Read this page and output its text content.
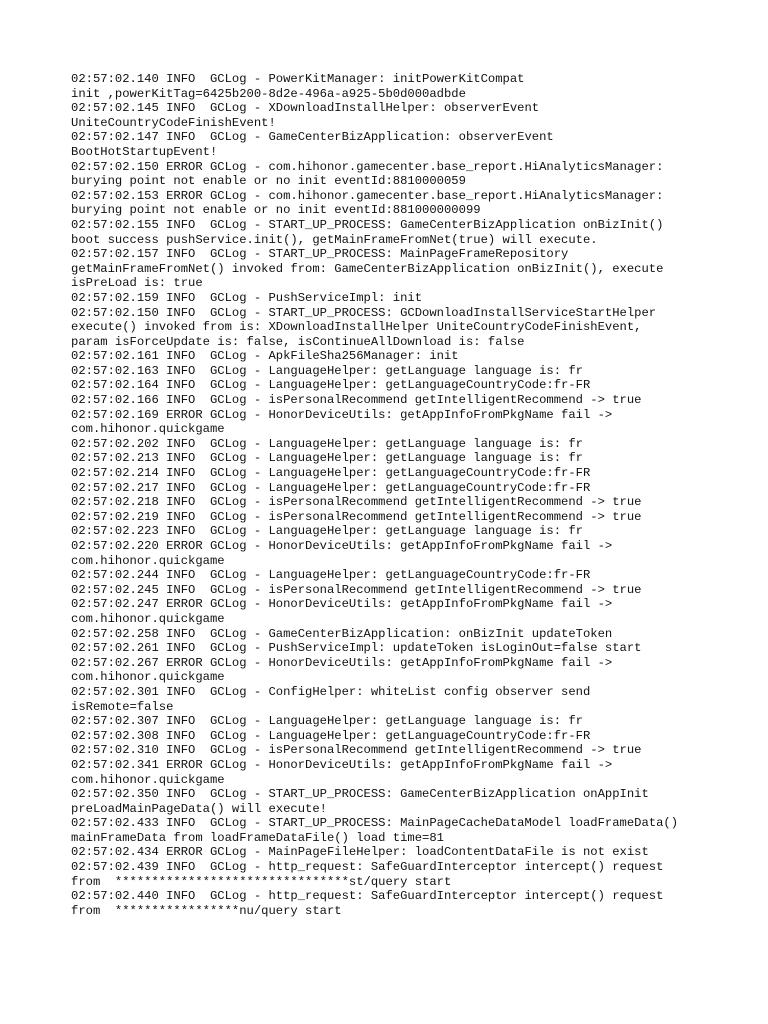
02:57:02.140 INFO  GCLog - PowerKitManager: initPowerKitCompat
init ,powerKitTag=6425b200-8d2e-496a-a925-5b0d000adbde
02:57:02.145 INFO  GCLog - XDownloadInstallHelper: observerEvent
UniteCountryCodeFinishEvent!
02:57:02.147 INFO  GCLog - GameCenterBizApplication: observerEvent
BootHotStartupEvent!
02:57:02.150 ERROR GCLog - com.hihonor.gamecenter.base_report.HiAnalyticsManager:
burying point not enable or no init eventId:8810000059
02:57:02.153 ERROR GCLog - com.hihonor.gamecenter.base_report.HiAnalyticsManager:
burying point not enable or no init eventId:881000000099
02:57:02.155 INFO  GCLog - START_UP_PROCESS: GameCenterBizApplication onBizInit()
boot success pushService.init(), getMainFrameFromNet(true) will execute.
02:57:02.157 INFO  GCLog - START_UP_PROCESS: MainPageFrameRepository
getMainFrameFromNet() invoked from: GameCenterBizApplication onBizInit(), execute
isPreLoad is: true
02:57:02.159 INFO  GCLog - PushServiceImpl: init
02:57:02.150 INFO  GCLog - START_UP_PROCESS: GCDownloadInstallServiceStartHelper
execute() invoked from is: XDownloadInstallHelper UniteCountryCodeFinishEvent,
param isForceUpdate is: false, isContinueAllDownload is: false
02:57:02.161 INFO  GCLog - ApkFileSha256Manager: init
02:57:02.163 INFO  GCLog - LanguageHelper: getLanguage language is: fr
02:57:02.164 INFO  GCLog - LanguageHelper: getLanguageCountryCode:fr-FR
02:57:02.166 INFO  GCLog - isPersonalRecommend getIntelligentRecommend -> true
02:57:02.169 ERROR GCLog - HonorDeviceUtils: getAppInfoFromPkgName fail ->
com.hihonor.quickgame
02:57:02.202 INFO  GCLog - LanguageHelper: getLanguage language is: fr
02:57:02.213 INFO  GCLog - LanguageHelper: getLanguage language is: fr
02:57:02.214 INFO  GCLog - LanguageHelper: getLanguageCountryCode:fr-FR
02:57:02.217 INFO  GCLog - LanguageHelper: getLanguageCountryCode:fr-FR
02:57:02.218 INFO  GCLog - isPersonalRecommend getIntelligentRecommend -> true
02:57:02.219 INFO  GCLog - isPersonalRecommend getIntelligentRecommend -> true
02:57:02.223 INFO  GCLog - LanguageHelper: getLanguage language is: fr
02:57:02.220 ERROR GCLog - HonorDeviceUtils: getAppInfoFromPkgName fail ->
com.hihonor.quickgame
02:57:02.244 INFO  GCLog - LanguageHelper: getLanguageCountryCode:fr-FR
02:57:02.245 INFO  GCLog - isPersonalRecommend getIntelligentRecommend -> true
02:57:02.247 ERROR GCLog - HonorDeviceUtils: getAppInfoFromPkgName fail ->
com.hihonor.quickgame
02:57:02.258 INFO  GCLog - GameCenterBizApplication: onBizInit updateToken
02:57:02.261 INFO  GCLog - PushServiceImpl: updateToken isLoginOut=false start
02:57:02.267 ERROR GCLog - HonorDeviceUtils: getAppInfoFromPkgName fail ->
com.hihonor.quickgame
02:57:02.301 INFO  GCLog - ConfigHelper: whiteList config observer send
isRemote=false
02:57:02.307 INFO  GCLog - LanguageHelper: getLanguage language is: fr
02:57:02.308 INFO  GCLog - LanguageHelper: getLanguageCountryCode:fr-FR
02:57:02.310 INFO  GCLog - isPersonalRecommend getIntelligentRecommend -> true
02:57:02.341 ERROR GCLog - HonorDeviceUtils: getAppInfoFromPkgName fail ->
com.hihonor.quickgame
02:57:02.350 INFO  GCLog - START_UP_PROCESS: GameCenterBizApplication onAppInit
preLoadMainPageData() will execute!
02:57:02.433 INFO  GCLog - START_UP_PROCESS: MainPageCacheDataModel loadFrameData()
mainFrameData from loadFrameDataFile() load time=81
02:57:02.434 ERROR GCLog - MainPageFileHelper: loadContentDataFile is not exist
02:57:02.439 INFO  GCLog - http_request: SafeGuardInterceptor intercept() request
from  ********************************st/query start
02:57:02.440 INFO  GCLog - http_request: SafeGuardInterceptor intercept() request
from  *****************nu/query start
